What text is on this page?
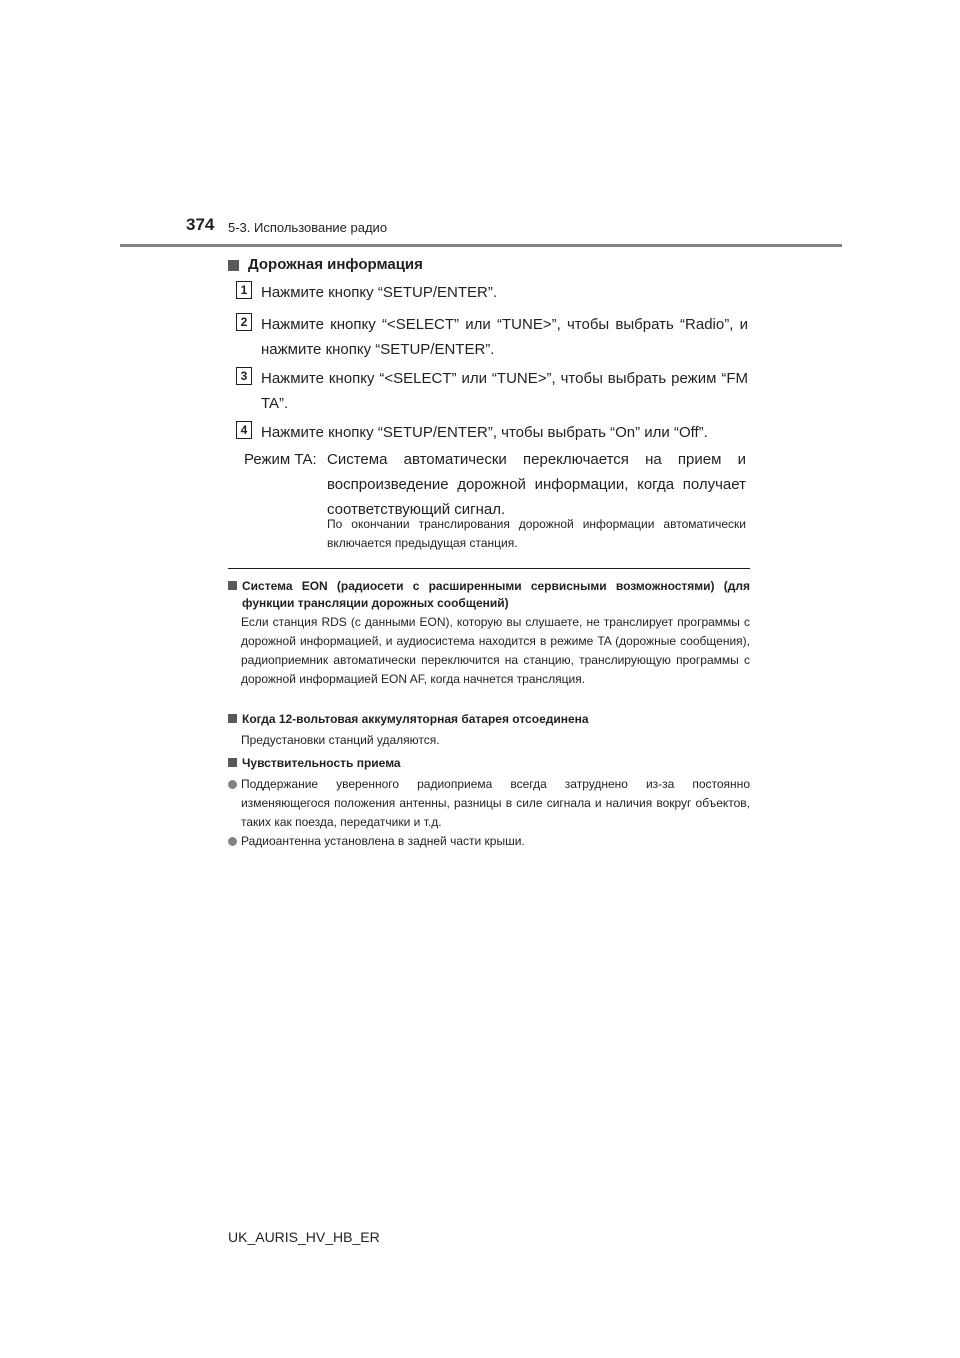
374 5-3. Использование радио
Дорожная информация
1 Нажмите кнопку “SETUP/ENTER”.
2 Нажмите кнопку “<SELECT” или “TUNE>”, чтобы выбрать “Radio”, и нажмите кнопку “SETUP/ENTER”.
3 Нажмите кнопку “<SELECT” или “TUNE>”, чтобы выбрать режим “FM TA”.
4 Нажмите кнопку “SETUP/ENTER”, чтобы выбрать “On” или “Off”.
Режим TA: Система автоматически переключается на прием и воспроизведение дорожной информации, когда получает соответствующий сигнал.
По окончании транслирования дорожной информации автоматически включается предыдущая станция.
Система EON (радиосети с расширенными сервисными возможностями) (для функции трансляции дорожных сообщений)
Если станция RDS (с данными EON), которую вы слушаете, не транслирует программы с дорожной информацией, и аудиосистема находится в режиме TA (дорожные сообщения), радиоприемник автоматически переключится на станцию, транслирующую программы с дорожной информацией EON AF, когда начнется трансляция.
Когда 12-вольтовая аккумуляторная батарея отсоединена
Предустановки станций удаляются.
Чувствительность приема
Поддержание уверенного радиоприема всегда затруднено из-за постоянно изменяющегося положения антенны, разницы в силе сигнала и наличия вокруг объектов, таких как поезда, передатчики и т.д.
Радиоантенна установлена в задней части крыши.
UK_AURIS_HV_HB_ER
